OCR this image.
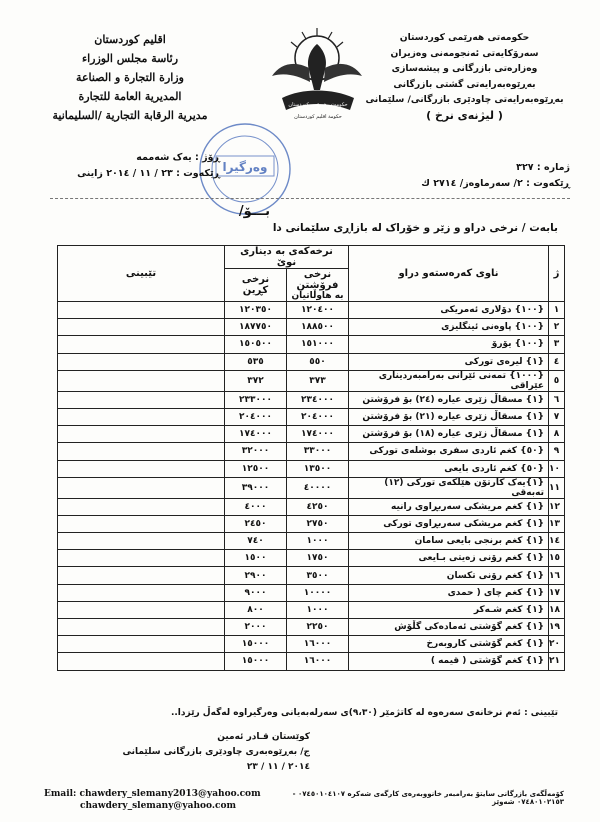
حکومەتی هەرێمی کوردستان
سەرۆکایەتی ئەنجومەنی وەزیران
وەزارەتی بازرگانی و پیشەسازی
بەڕێوەبەرایەتی گشتی بازرگانی
بەڕێوەبەرایەتی چاودێری بازرگانی/ سلێمانی
( لیژنەی نرخ )
اقليم كوردستان
رئاسة مجلس الوزراء
وزارة التجارة و الصناعة
المديرية العامة للتجارة
مديرية الرقابة التجارية /السليمانية
حكومەتی هەرێمی كوردستان
حكومة اقليم كوردستان
وەرگیرا	ژمارە : ٣٢٧
ڕێکەوت : ٢/ سەرماوەز/ ٢٧١٤ ك
ڕۆژ : یەک شەممە
ڕێکەوت : ٢٣ / ١١ / ٢٠١٤ زاینی
بـــۆ/
بابەت / نرخی دراو و زێر و خۆراک لە بازاڕی سلێمانی دا
ژ	ناوی کەرەستەو دراو	نرخەکەی بە دیناری نوێ		تێبینی

		نرخی فرۆشتن
بە هاوڵاتیان	نرخی کڕین	
١	{١٠٠} دۆلاری ئەمریکی	١٢٠٤٠٠	١٢٠٣٥٠	
٢	{١٠٠} پاوەنی ئینگلیزی	١٨٨٥٠٠	١٨٧٧٥٠	
٣	{١٠٠} یۆرۆ	١٥١٠٠٠	١٥٠٥٠٠	
٤	{١} لیرەی تورکی	٥٥٠	٥٣٥	
٥	{١٠٠٠} تمەنی ئێرانی بەرامبەردیناری عێراقی	٣٧٣	٣٧٢	
٦	{١} مسقاڵ زێری عیارە (٢٤) بۆ فرۆشتن	٢٣٤٠٠٠	٢٣٣٠٠٠	
٧	{١} مسقاڵ زێری عیارە (٢١) بۆ فرۆشتن	٢٠٤٠٠٠	٢٠٤٠٠٠	
٨	{١} مسقاڵ زێری عیارە (١٨) بۆ فرۆشتن	١٧٤٠٠٠	١٧٤٠٠٠	
٩	{٥٠} کغم ئاردی سفری بوشلەی تورکی	٣٣٠٠٠	٣٢٠٠٠	
١٠	{٥٠} کغم ئاردی بایعی	١٣٥٠٠	١٢٥٠٠	
١١	{١}یەک کارتۆن هێلکەی تورکی (١٢) تەبەقی	٤٠٠٠٠	٣٩٠٠٠	
١٢	{١} کغم مریشکی سەربڕاوی رانیە	٤٢٥٠	٤٠٠٠	
١٣	{١} کغم مریشکی سەربڕاوی تورکی	٢٧٥٠	٢٤٥٠	
١٤	{١} کغم برنجی بایعی سامان	١٠٠٠	٧٤٠	
١٥	{١} کغم رۆنی زەیتی بـایعی	١٧٥٠	١٥٠٠	
١٦	{١} کغم رۆنی تکسان	٣٥٠٠	٢٩٠٠	
١٧	{١} کغم چای ( حمدی	١٠٠٠٠	٩٠٠٠	
١٨	{١} کغم شـەکر	١٠٠٠	٨٠٠	
١٩	{١} کغم گۆشتی ئەمادەکی گڵۆش	٢٢٥٠	٢٠٠٠	
٢٠	{١} کغم گۆشتی کاروبەرخ	١٦٠٠٠	١٥٠٠٠	
٢١	{١} کغم گۆشتی ( قیمە )	١٦٠٠٠	١٥٠٠٠	
تێبینی : ئەم نرخانەی سەرەوە لە کاتژمێر (٩،٣٠)ی سەرلەبەیانی وەرگیراوە لەگەڵ رێزدا..
کوێستان قـادر ئەمین
ج/ بەڕێوەبەری چاودێری بازرگانی سلێمانی
٢٠١٤ / ١١ / ٢٣
Email: chawdery_slemany2013@yahoo.com
chawdery_slemany@yahoo.com
کۆمەڵگەی بازرگانی سایتۆ بەرامبەر خانووبەرەی کارگەی شەکرە ٠٧٤٥٠١٠٤١٠٧ - ٠٧٤٨٠١٠٢١٥٣ شەوێز
